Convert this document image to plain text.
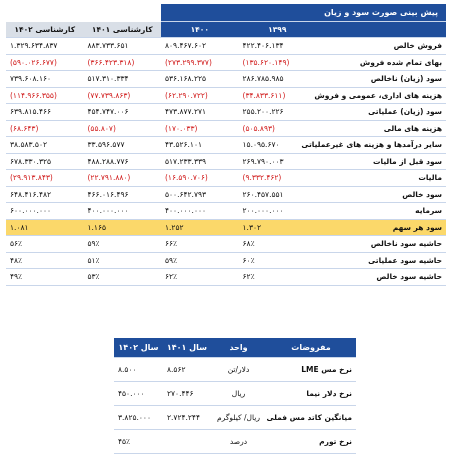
پیش بینی صورت سود و زیان				
	۱۳۹۹	۱۴۰۰	کارشناسی ۱۴۰۱	کارشناسی ۱۴۰۲
فروش خالص	۴۲۲.۴۰۶.۱۳۴	۸۰۹.۴۶۷.۶۰۲	۸۸۳.۷۳۳.۶۵۱	۱.۳۲۹.۶۳۴.۸۳۷
بهای تمام شده فروش	(۱۳۵.۶۲۰.۱۴۹)	(۲۷۳.۲۹۹.۳۷۷)	(۳۶۶.۴۲۳.۳۱۸)	(۵۹۰.۰۲۶.۶۷۷)
سود (زیان) ناخالص	۲۸۶.۷۸۵.۹۸۵	۵۳۶.۱۶۸.۲۲۵	۵۱۷.۳۱۰.۳۳۴	۷۳۹.۶۰۸.۱۶۰
هزینه های اداری، عمومی و فروش	(۳۴.۸۳۳.۶۱۱)	(۶۲.۲۹۰.۷۲۲)	(۷۷.۷۳۹.۸۶۳)	(۱۱۴.۹۶۶.۳۵۵)
سود (زیان) عملیاتی	۲۵۵.۲۰۰.۲۲۶	۴۷۳.۸۷۷.۲۷۱	۴۵۴.۷۴۷.۰۰۶	۶۳۹.۸۱۵.۴۶۶
هزینه های مالی	(۵۰۵.۸۹۳)	(۱۷۰.۰۳۳)	(۵۵.۸۰۷)	(۶۸.۶۴۳)
سایر درآمدها و هزینه های غیرعملیاتی	۱۵.۰۹۵.۶۷۰	۴۳.۵۲۶.۱۰۱	۳۳.۵۹۶.۵۷۷	۳۸.۵۸۳.۵۰۲
سود قبل از مالیات	۲۶۹.۷۹۰.۰۰۳	۵۱۷.۲۳۳.۳۳۹	۴۸۸.۲۸۸.۷۷۶	۶۷۸.۳۳۰.۳۲۵
مالیات	(۹.۳۳۲.۴۶۲)	(۱۶.۵۹۰.۷۰۶)	(۲۲.۷۹۱.۸۸۰)	(۲۹.۹۱۳.۸۴۳)
سود خالص	۲۶۰.۴۵۷.۵۵۱	۵۰۰.۶۴۲.۷۹۳	۴۶۶.۰۱۶.۴۹۶	۶۴۸.۴۱۶.۴۸۲
سرمایه	۲۰۰.۰۰۰.۰۰۰	۴۰۰.۰۰۰.۰۰۰	۴۰۰.۰۰۰.۰۰۰	۶۰۰.۰۰۰.۰۰۰
سود هر سهم	۱.۳۰۲	۱.۲۵۲	۱.۱۶۵	۱.۰۸۱
حاشیه سود ناخالص	۶۸٪	۶۶٪	۵۹٪	۵۶٪
حاشیه سود عملیاتی	۶۰٪	۵۹٪	۵۱٪	۴۸٪
حاشیه سود خالص	۶۲٪	۶۲٪	۵۳٪	۴۹٪
مفروضات	واحد	سال ۱۴۰۱	سال ۱۴۰۲
نرخ مس LME	دلار/تن	۸.۵۶۲	۸.۵۰۰
نرخ دلار نیما	ریال	۲۷۰.۴۴۶	۴۵۰.۰۰۰
میانگین کاتد مس فملی	ریال/ کیلوگرم	۲.۷۲۴.۲۴۴	۳.۸۲۵.۰۰۰
نرخ تورم	درصد		۴۵٪
